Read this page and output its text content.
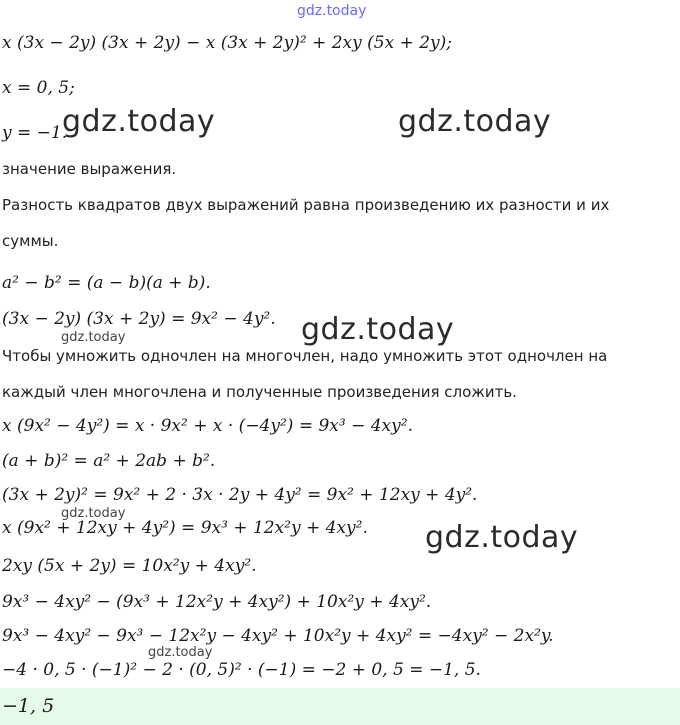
gdz.today
x (3x − 2y) (3x + 2y) − x (3x + 2y)² + 2xy (5x + 2y);
x = 0, 5;
y = −1.
значение выражения.
Разность квадратов двух выражений равна произведению их разности и их
суммы.
a² − b² = (a − b)(a + b).
(3x − 2y) (3x + 2y) = 9x² − 4y².
Чтобы умножить одночлен на многочлен, надо умножить этот одночлен на
каждый член многочлена и полученные произведения сложить.
x (9x² − 4y²) = x · 9x² + x · (−4y²) = 9x³ − 4xy².
(a + b)² = a² + 2ab + b².
(3x + 2y)² = 9x² + 2 · 3x · 2y + 4y² = 9x² + 12xy + 4y².
x (9x² + 12xy + 4y²) = 9x³ + 12x²y + 4xy².
2xy (5x + 2y) = 10x²y + 4xy².
9x³ − 4xy² − (9x³ + 12x²y + 4xy²) + 10x²y + 4xy².
9x³ − 4xy² − 9x³ − 12x²y − 4xy² + 10x²y + 4xy² = −4xy² − 2x²y.
−4 · 0, 5 · (−1)² − 2 · (0, 5)² · (−1) = −2 + 0, 5 = −1, 5.
−1, 5
gdz.today	gdz.today
gdz.today
gdz.today
gdz.today
gdz.today
gdz.today
